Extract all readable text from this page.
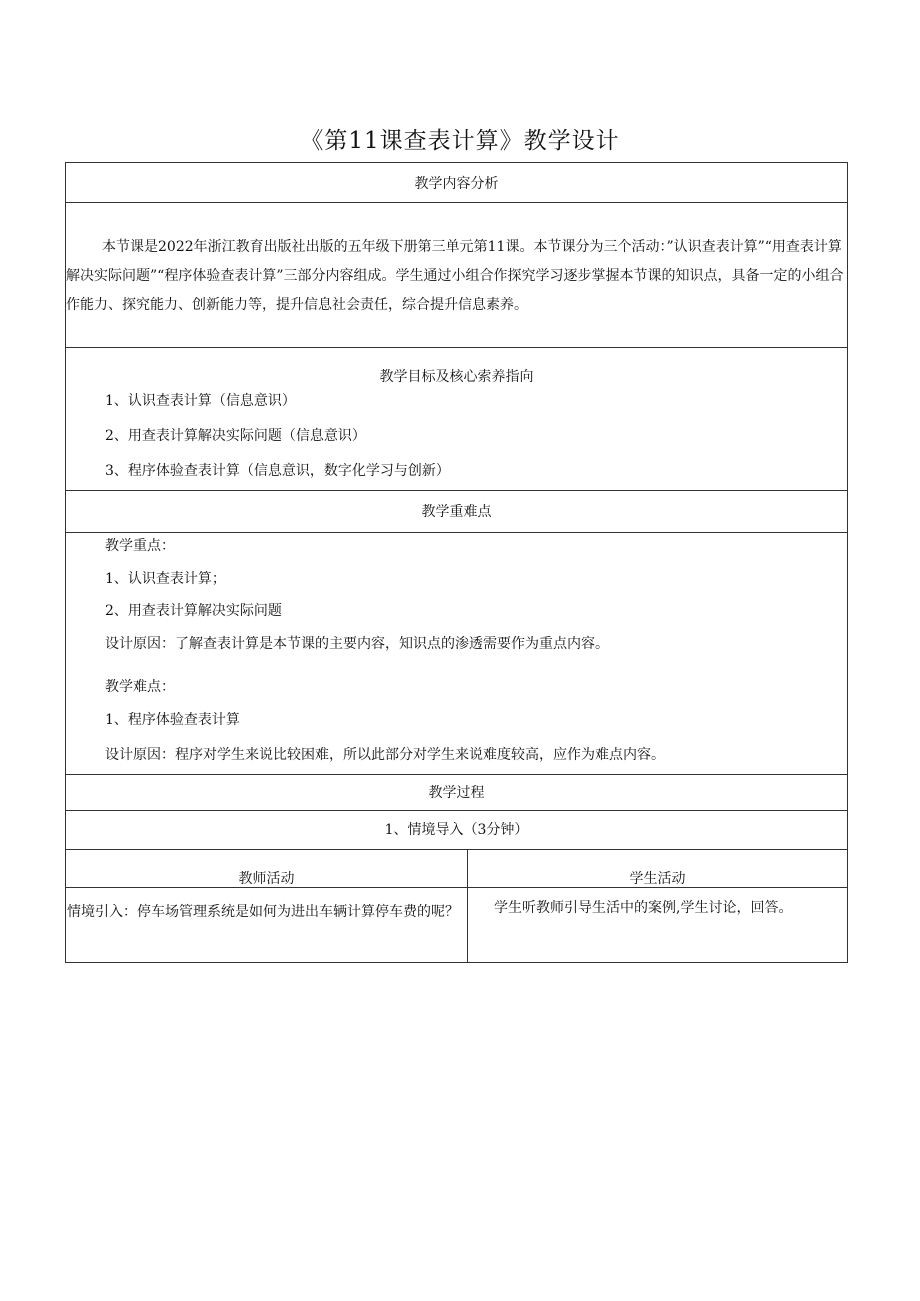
《第11课查表计算》教学设计
教学内容分析
本节课是2022年浙江教育出版社出版的五年级下册第三单元第11课。本节课分为三个活动：”认识查表计算”“用查表计算解决实际问题”“程序体验查表计算”三部分内容组成。学生通过小组合作探究学习逐步掌握本节课的知识点，具备一定的小组合作能力、探究能力、创新能力等，提升信息社会责任，综合提升信息素养。
教学目标及核心索养指向
1、认识查表计算（信息意识）
2、用查表计算解决实际问题（信息意识）
3、程序体验查表计算（信息意识，数字化学习与创新）
教学重难点
教学重点：
1、认识查表计算；
2、用查表计算解决实际问题
设计原因：了解查表计算是本节课的主要内容，知识点的渗透需要作为重点内容。
教学难点：
1、程序体验查表计算
设计原因：程序对学生来说比较困难，所以此部分对学生来说难度较高，应作为难点内容。
教学过程
1、情境导入（3分钟）
教师活动	学生活动
情境引入：停车场管理系统是如何为进出车辆计算停车费的呢？	学生听教师引导生活中的案例,学生讨论，回答。
